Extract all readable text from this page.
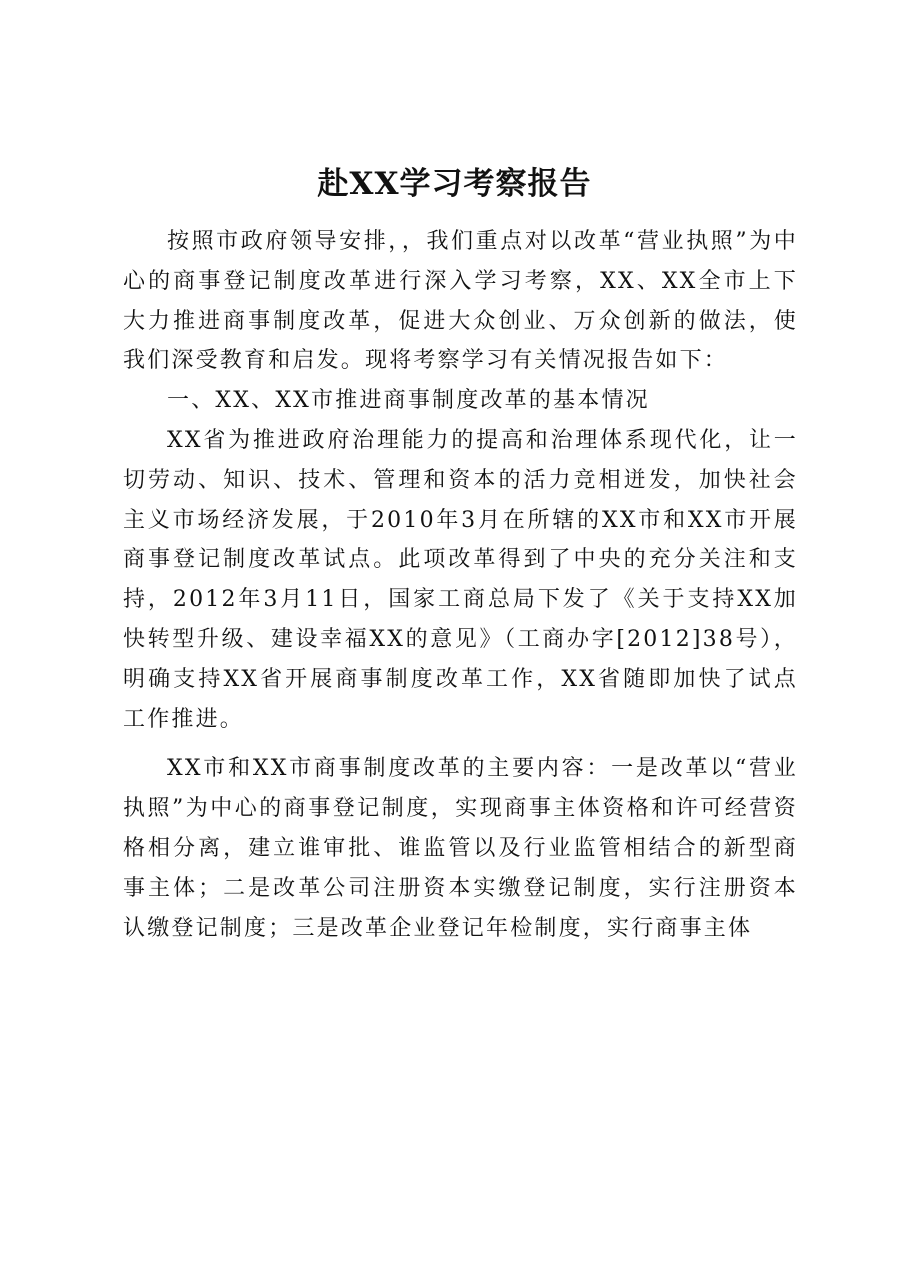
赴XX学习考察报告

按照市政府领导安排，，我们重点对以改革“营业执照”为中心的商事登记制度改革进行深入学习考察，XX、XX全市上下大力推进商事制度改革，促进大众创业、万众创新的做法，使我们深受教育和启发。现将考察学习有关情况报告如下：

一、XX、XX市推进商事制度改革的基本情况

XX省为推进政府治理能力的提高和治理体系现代化，让一切劳动、知识、技术、管理和资本的活力竞相迸发，加快社会主义市场经济发展，于2010年3月在所辖的XX市和XX市开展商事登记制度改革试点。此项改革得到了中央的充分关注和支持，2012年3月11日，国家工商总局下发了《关于支持XX加快转型升级、建设幸福XX的意见》（工商办字[2012]38号），明确支持XX省开展商事制度改革工作，XX省随即加快了试点工作推进。

XX市和XX市商事制度改革的主要内容：一是改革以“营业执照”为中心的商事登记制度，实现商事主体资格和许可经营资格相分离，建立谁审批、谁监管以及行业监管相结合的新型商事主体；二是改革公司注册资本实缴登记制度，实行注册资本认缴登记制度；三是改革企业登记年检制度，实行商事主体
